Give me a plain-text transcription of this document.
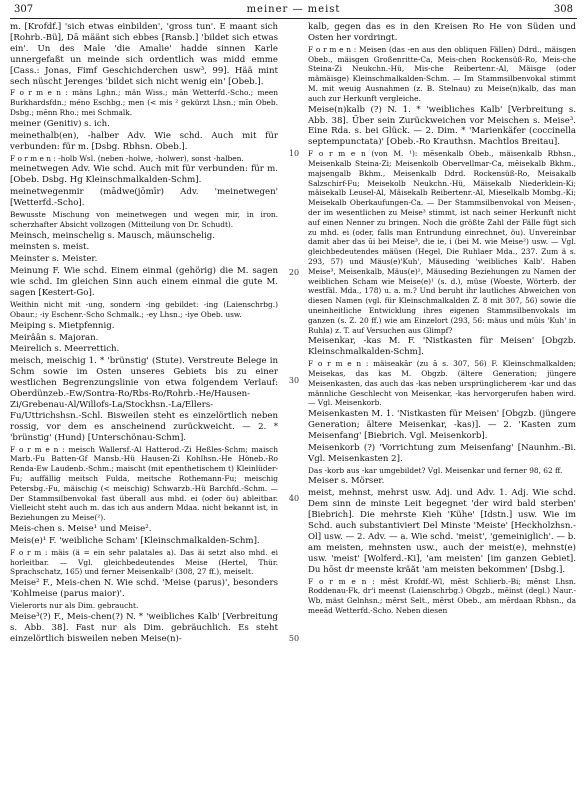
307	meiner — meist	308

m. [Krofdf.] 'sich etwas einbilden', 'gross tun'. E maant sich [Rohrb.-Bü], Dā määnt sich ebbes [Ransb.] 'bildet sich etwas ein'. Un des Male 'die Amalie' hadde sinnen Karle unnergefaßt un meinde sich ordentlich was midd emme [Cass.: Jonas, Fimf Geschichderchen usw³, 99]. Hää mint sech nüscht Jerenges 'bildet sich nicht wenig ein' [Obeb.].

F o r m e n : mäns Lghn.; män Wiss.; mān Wetterfd.-Scho.; meen Burkhardsfdn.; méno Eschbg.; men (< mis ² gekürzt Lhsn.; mīn Obeb. Dsbg.; mēnn Rho.; mei Schmalk.

meiner (Genitiv) s. ich.

meinethalb(en), -halber Adv. Wie schd. Auch mit für verbunden: für m. [Dsbg. Rbhsn. Obeb.].

F o r m e n : -holb Wsl. (neben -holwe, -holwer), sonst -halben.

meinetwegen Adv. Wie schd. Auch mit für verbunden: für m. [Obeb. Dsbg. Hg Kleinschmalkalden-Schm].

meinetwegenmir (mādwe(jōmīr) Adv. 'meinetwegen' [Wetterfd.-Scho].

Bewusste Mischung von meinetwegen und wegen mir, in iron. scherzhafter Absicht vollzogen (Mitteilung von Dr. Schudt).

Meinsch, meinschelig s. Mausch, mäunschelig.

meinsten s. meist.

Meinster s. Meister.

Meinung F. Wie schd. Einem einmal (gehörig) die M. sagen wie schd. Im gleichen Sinn auch einem einmal die gute M. sagen [Kestert-Go].

Weithin nicht mit -ung, sondern -ing gebildet: -ing (Laienschrbg.) Obaur.; -iy Eschenr.-Scho Schmalk.; -ey Lhsn.; -iye Obeb. usw.

Meiping s. Mietpfennig.

Meirâân s. Majoran.

Meirelich s. Meerrettich.

meisch, meischig 1. * 'brünstig' (Stute). Verstreute Belege in Schm sowie im Osten unseres Gebiets bis zu einer westlichen Begrenzungslinie von etwa folgendem Verlauf: Oberdünzeb.-Ew/Sontra-Ro/Rbs-Ro/Rohrb.-He/Hausen-Zi/Grebenau-Al/Willofs-La/Stockhsn.-La/Ellers-Fu/Uttrichshsn.-Schl. Bisweilen steht es einzelörtlich neben rossig, vor dem es anscheinend zurückweicht. — 2. * 'brünstig' (Hund) [Unterschönau-Schm].

F o r m e n : meisch Wallersf.-Al Hatterod.-Zi Heßles-Schm; maisch Marb.-Fu Batten-Gf Mansb.-Hü Hausen-Zi Kohlhsn.-He Höneb.-Ro Renda-Ew Laudenb.-Schm.; maischt (mit epenthetischem t) Kleinlüder-Fu; auffällig meitsch Fulda, meitsche Rothemann-Fu; meischig Petersbg.-Fu, mäischig (< meischig) Schwarzb.-Hü Barchfd.-Schm. — Der Stammsilbenvokal fast überall aus mhd. ei (oder öu) ableitbar. Vielleicht steht auch m. das ich aus andern Mdaa. nicht bekannt ist, in Beziehungen zu Meise(²).

Meis-chen s. Meise¹ und Meise².

Meis(e)¹ F. 'weibliche Scham' [Kleinschmalkalden-Schm].

F o r m : mäis (ä = ein sehr palatales a). Das äi setzt also mhd. ei horleitbar. — Vgl. gleichbedeutendes Meise (Hertel, Thür. Sprachschatz, 165) und ferner Meisenkalb² (308, 27 ff.), meiselt.

Meise² F., Meis-chen N. Wie schd. 'Meise (parus)', besonders 'Kohlmeise (parus maior)'.

Vielerorts nur als Dim. gebraucht.

Meise³(?) F., Meis-chen(?) N. * 'weibliches Kalb' [Verbreitung s. Abb. 38]. Fast nur als Dim. gebräuchlich. Es steht einzelörtlich bisweilen neben Meise(n)-

kalb, gegen das es in den Kreisen Ro He von Süden und Osten her vordringt.

F o r m e n : Meisen (das -en aus den obliquen Fällen) Ddrd., mäisgen Obeb., mäisgen Großenritte-Ca, Meis-chen Rockensüß-Ro, Meis-che Steina-Zi Neukchn.-Hü, Mis-che Reibertenr.-Al, Mäisge (oder mämäisge) Kleinschmalkalden-Schm. — Im Stammsilbenvokal stimmt M. mit weuig Ausnahmen (z. B. Stelnau) zu Meise(n)kalb, das man auch zur Herkunft vergleiche.

Meise(n)kalb (?) N. 1. * 'weibliches Kalb' [Verbreitung s. Abb. 38]. Über sein Zurückweichen vor Meischen s. Meise³. Eine Rda. s. bei Glück. — 2. Dim. * 'Marienkäfer (coccinella septempunctata)' [Obeb.-Ro Krauthsn. Machtlos Breitau].

F o r m e n (von M. ¹): mēsenkalb Obeb., mäisenkalb Rbhsn., Meisenkalb Steina-Zi; Meisenkolb Obervellmar-Ca, mēisekalb Bkhm., majsengalb Bkhm., Meisenkalb Ddrd. Rockensüß-Ro, Meisakalb Salzschirf-Fu; Meisekolb Neukchn.-Hü, Mäisekalb Niederklein-Ki; mäisekalb Leusel-Al, Mäisekalb Reibertenr.-Al, Mieselkalb Mombg.-Ki; Meisekalb Oberkaufungen-Ca. — Der Stammsilbenvokal von Meisen-, der im wesentlichen zu Meise³ stimmt, ist nach seiner Herkunft nicht auf einen Nenner zu bringen. Noch die größte Zahl der Fälle fügt sich zu mhd. ei (oder, falls man Entrundung einrechnet, öu). Unvereinbar damit aber das ūi bei Meise³, die ie, i (bei M. wie Meise²) usw. — Vgl. gleichbedeutendes mäüsen (Hegel, Die Ruhlaer Mda., 237. Zum ä s. 293, 57) und Mäus(e)'Kuh', Mäuseding 'weibliches Kalb'. Haben Meise³, Meisenkalb, Mäus(e)², Mäuseding Beziehungen zu Namen der weiblichen Scham wie Meise(e)¹ (s. d.), müse (Woeste, Wörterb. der westfäl. Mda., 178) u. a. m.? Und beruht ihr lautliches Abweichen von diesen Namen (vgl. für Kleinschmalkalden Z. 8 mit 307, 56) sowie die uneinheitliche Entwicklung ihres eigenen Stammsilbenvokals im ganzen (s. Z. 20 ff.) wie am Einzelort (293, 56: mäus und mūis 'Kuh' in Ruhla) z. T. auf Versuchen aus Glimpf?

Meisenkar, -kas M. F. 'Nistkasten für Meisen' [Obgzb. Kleinschmalkalden-Schm].

F o r m e n : mäiseakār (zu ā s. 307, 56) F. Kleinschmalkalden; Meisekas, das kas M. Obgzb. (ältere Generation; jüngere Meisenkasten, das auch das -kas neben ursprünglicherem -kar und das männliche Geschlecht von Meisenkar, -kas hervorgerufen haben wird. — Vgl. Meisenkorb.

Meisenkasten M. 1. 'Nistkasten für Meisen' [Obgzb. (jüngere Generation; ältere Meisenkar, -kas)]. — 2. 'Kasten zum Meisenfang' [Biebrich. Vgl. Meisenkorb].

Meisenkorb (?) 'Vorrichtung zum Meisenfang' [Naunhm.-Bi. Vgl. Meisenkasten 2].

Das -korb aus -kar umgebildet? Vgl. Meisenkar und ferner 98, 62 ff.

Meiser s. Mörser.

meist, mehnst, mehrst usw. Adj. und Adv. 1. Adj. Wie schd. Dem sinn de minste Leit begegnet 'der wird bald sterben' [Biebrich]. Die mehrste Kieh 'Kühe' [Idstn.] usw. Wie im Schd. auch substantiviert Del Minste 'Meiste' [Heckholzhsn.-Ol] usw. — 2. Adv. — a. Wie schd. 'meist', 'gemeiniglich'. — b. am meisten, mehnsten usw., auch der meist(e), mehnst(e) usw. 'meist' [Wolferd.-Ki], 'am meisten' [im ganzen Gebiet]. Du hōst dr meenste kräăt 'am meisten bekommen' [Dsbg.].

F o r m e n : mēst Krofdf.-Wl, mēst Schlierb.-Bi; mēnst Lhsn. Roddenau-Fk, dr'i meenst (Laienschrbg.) Obgzb., mēinst (degl.) Naur.-Wb, mäst Gelnhsn.; mērst Selt., mērst Obeb., am mērdaan Rbhsn., da meeād Wetterfd.-Scho. Neben diesen

10
20
30
40
50
